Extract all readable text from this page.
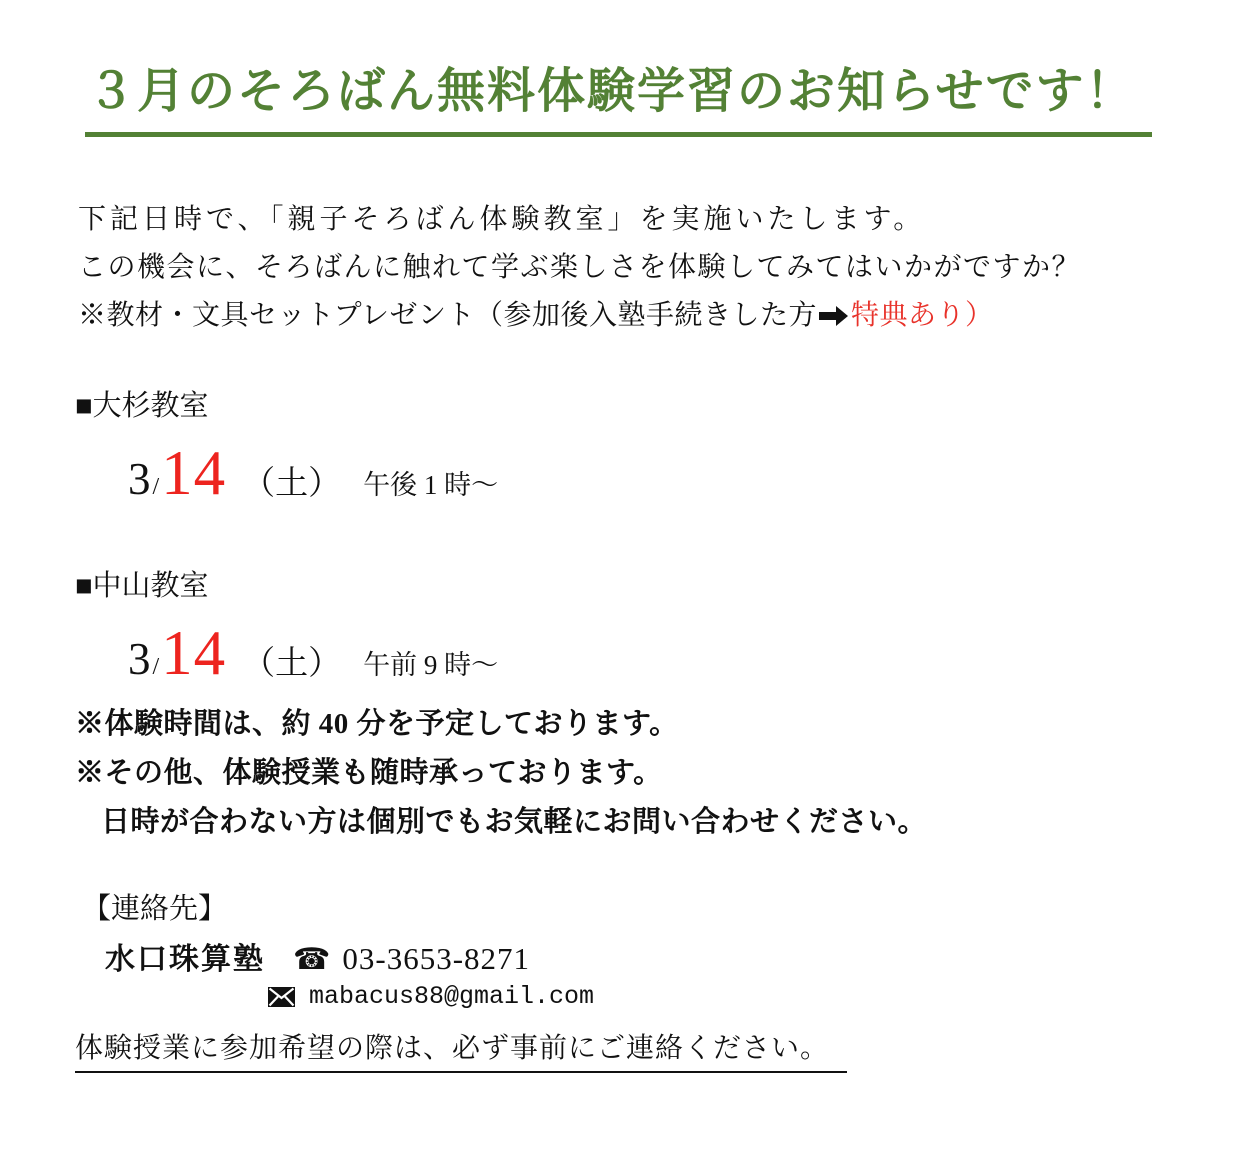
３月のそろばん無料体験学習のお知らせです！

下記日時で、「親子そろばん体験教室」を実施いたします。

この機会に、そろばんに触れて学ぶ楽しさを体験してみてはいかがですか？

※教材・文具セットプレゼント（参加後入塾手続きした方 特典あり）

■大杉教室
3 / 14 （土） 午後 1 時～
■中山教室
3 / 14 （土） 午前 9 時～

※体験時間は、約 40 分を予定しております。

※その他、体験授業も随時承っております。

日時が合わない方は個別でもお気軽にお問い合わせください。

【連絡先】
水口珠算塾 ☎ 03-3653-8271
mabacus88@gmail.com
体験授業に参加希望の際は、必ず事前にご連絡ください。
